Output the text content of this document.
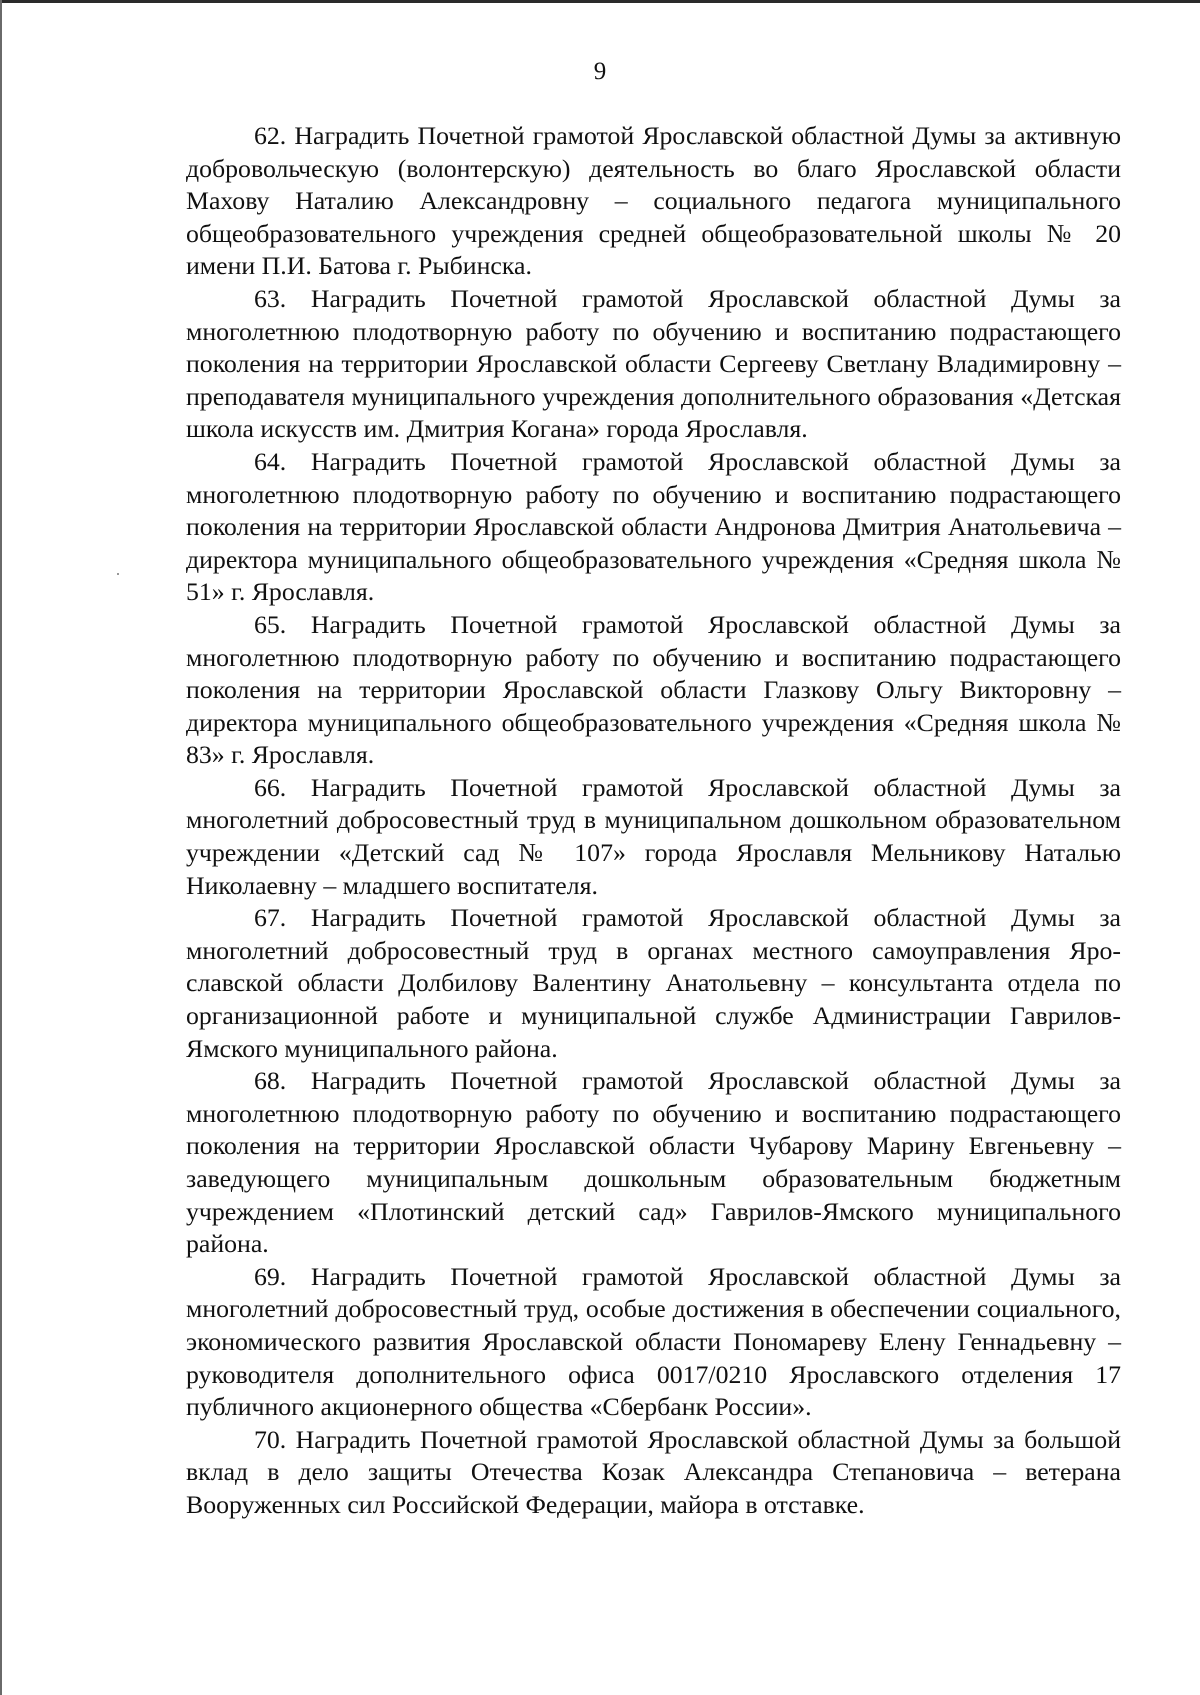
9

62. Наградить Почетной грамотой Ярославской областной Думы за активную добровольческую (волонтерскую) деятельность во благо Ярославской области Махову Наталию Александровну – социального педагога муниципального общеобразовательного учреждения средней общеобразовательной школы № 20 имени П.И. Батова г. Рыбинска.

63. Наградить Почетной грамотой Ярославской областной Думы за многолетнюю плодотворную работу по обучению и воспитанию подрастающего поколения на территории Ярославской области Сергееву Светлану Владимировну – преподавателя муниципального учреждения дополнительного образования «Детская школа искусств им. Дмитрия Когана» города Ярославля.

64. Наградить Почетной грамотой Ярославской областной Думы за многолетнюю плодотворную работу по обучению и воспитанию подрастающего поколения на территории Ярославской области Андронова Дмитрия Анатольевича – директора муниципального общеобразовательного учреждения «Средняя школа № 51» г. Ярославля.

65. Наградить Почетной грамотой Ярославской областной Думы за многолетнюю плодотворную работу по обучению и воспитанию подрастающего поколения на территории Ярославской области Глазкову Ольгу Викторовну – директора муниципального общеобразовательного учреждения «Средняя школа № 83» г. Ярославля.

66. Наградить Почетной грамотой Ярославской областной Думы за многолетний добросовестный труд в муниципальном дошкольном образовательном учреждении «Детский сад № 107» города Ярославля Мельникову Наталью Николаевну – младшего воспитателя.

67. Наградить Почетной грамотой Ярославской областной Думы за многолетний добросовестный труд в органах местного самоуправления Ярославской области Долбилову Валентину Анатольевну – консультанта отдела по организационной работе и муниципальной службе Администрации Гаврилов-Ямского муниципального района.

68. Наградить Почетной грамотой Ярославской областной Думы за многолетнюю плодотворную работу по обучению и воспитанию подрастающего поколения на территории Ярославской области Чубарову Марину Евгеньевну – заведующего муниципальным дошкольным образовательным бюджетным учреждением «Плотинский детский сад» Гаврилов-Ямского муниципального района.

69. Наградить Почетной грамотой Ярославской областной Думы за многолетний добросовестный труд, особые достижения в обеспечении социального, экономического развития Ярославской области Пономареву Елену Геннадьевну – руководителя дополнительного офиса 0017/0210 Ярославского отделения 17 публичного акционерного общества «Сбербанк России».

70. Наградить Почетной грамотой Ярославской областной Думы за большой вклад в дело защиты Отечества Козак Александра Степановича – ветерана Вооруженных сил Российской Федерации, майора в отставке.
